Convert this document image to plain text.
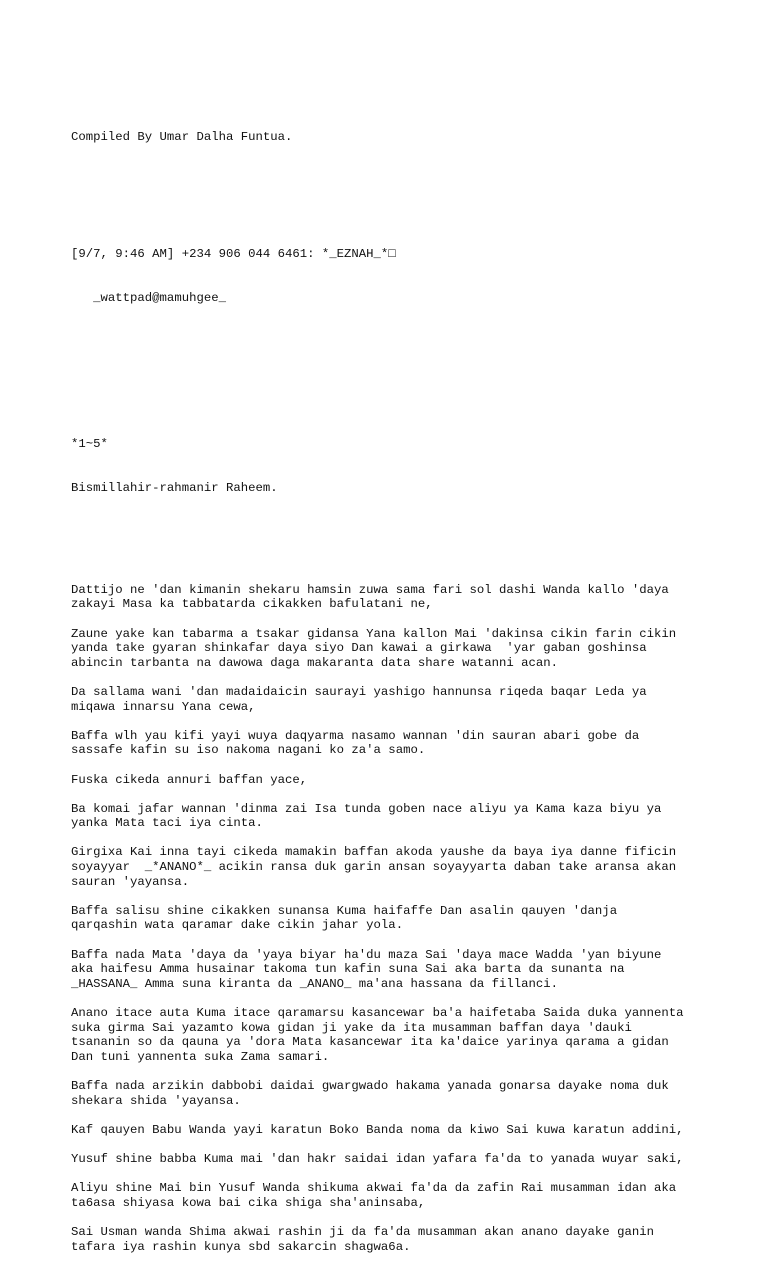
Compiled By Umar Dalha Funtua.

[9/7, 9:46 AM] +234 906 044 6461: *_EZNAH_*□

_wattpad@mamuhgee_

*1~5*

Bismillahir-rahmanir Raheem.

Dattijo ne 'dan kimanin shekaru hamsin zuwa sama fari sol dashi Wanda kallo 'daya
zakayi Masa ka tabbatarda cikakken bafulatani ne,
Zaune yake kan tabarma a tsakar gidansa Yana kallon Mai 'dakinsa cikin farin cikin
yanda take gyaran shinkafar daya siyo Dan kawai a girkawa  'yar gaban goshinsa
abincin tarbanta na dawowa daga makaranta data share watanni acan.
Da sallama wani 'dan madaidaicin saurayi yashigo hannunsa riqeda baqar Leda ya
miqawa innarsu Yana cewa,
Baffa wlh yau kifi yayi wuya daqyarma nasamo wannan 'din sauran abari gobe da
sassafe kafin su iso nakoma nagani ko za'a samo.
Fuska cikeda annuri baffan yace,
Ba komai jafar wannan 'dinma zai Isa tunda goben nace aliyu ya Kama kaza biyu ya
yanka Mata taci iya cinta.
Girgixa Kai inna tayi cikeda mamakin baffan akoda yaushe da baya iya danne fificin
soyayyar  _*ANANO*_ acikin ransa duk garin ansan soyayyarta daban take aransa akan
sauran 'yayansa.
Baffa salisu shine cikakken sunansa Kuma haifaffe Dan asalin qauyen 'danja
qarqashin wata qaramar dake cikin jahar yola.
Baffa nada Mata 'daya da 'yaya biyar ha'du maza Sai 'daya mace Wadda 'yan biyune
aka haifesu Amma husainar takoma tun kafin suna Sai aka barta da sunanta na
_HASSANA_ Amma suna kiranta da _ANANO_ ma'ana hassana da fillanci.
Anano itace auta Kuma itace qaramarsu kasancewar ba'a haifetaba Saida duka yannenta
suka girma Sai yazamto kowa gidan ji yake da ita musamman baffan daya 'dauki
tsananin so da qauna ya 'dora Mata kasancewar ita ka'daice yarinya qarama a gidan
Dan tuni yannenta suka Zama samari.
Baffa nada arzikin dabbobi daidai gwargwado hakama yanada gonarsa dayake noma duk
shekara shida 'yayansa.
Kaf qauyen Babu Wanda yayi karatun Boko Banda noma da kiwo Sai kuwa karatun addini,
Yusuf shine babba Kuma mai 'dan hakr saidai idan yafara fa'da to yanada wuyar saki,
Aliyu shine Mai bin Yusuf Wanda shikuma akwai fa'da da zafin Rai musamman idan aka
ta6asa shiyasa kowa bai cika shiga sha'aninsaba,
Sai Usman wanda Shima akwai rashin ji da fa'da musamman akan anano dayake ganin
tafara iya rashin kunya sbd sakarcin shagwa6a.
